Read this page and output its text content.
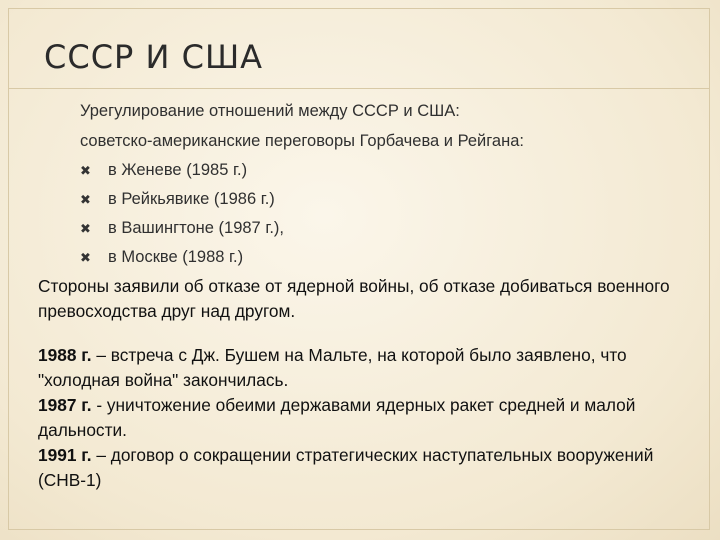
СССР И США

Урегулирование отношений между СССР и США:

советско-американские переговоры Горбачева и Рейгана:

✖ в Женеве (1985 г.)
✖ в Рейкьявике (1986 г.)
✖ в Вашингтоне (1987 г.),
✖ в Москве (1988 г.)

Стороны заявили об отказе от ядерной войны, об отказе добиваться военного превосходства друг над другом.

1988 г. – встреча с Дж. Бушем на Мальте, на которой было заявлено, что "холодная война" закончилась.

1987 г. - уничтожение обеими державами ядерных ракет средней и малой дальности.

1991 г. – договор о сокращении стратегических наступательных вооружений (СНВ-1)
